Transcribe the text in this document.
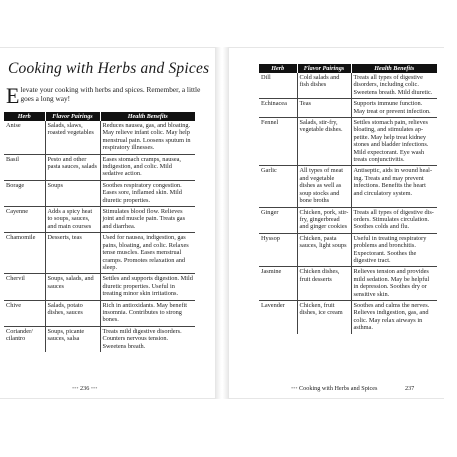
Cooking with Herbs and Spices
Elevate your cooking with herbs and spices. Remember, a little goes a long way!
Herb	Flavor Pairings	Health Benefits
Anise	Salads, slaws, roasted vegetables	Reduces nausea, gas, and bloating. May relieve infant colic. May help menstrual pain. Loosens sputum in respiratory illnesses.
Basil	Pesto and other pasta sauces, salads	Eases stomach cramps, nausea, indigestion, and colic. Mild sedative action.
Borage	Soups	Soothes respiratory congestion. Eases sore, inflamed skin. Mild diuretic properties.
Cayenne	Adds a spicy heat to soups, sauces, and main courses	Stimulates blood flow. Relieves joint and muscle pain. Treats gas and diarrhea.
Chamomile	Desserts, teas	Used for nausea, indigestion, gas pains, bloating, and colic. Relaxes tense muscles. Eases menstrual cramps. Promotes relaxation and sleep.
Chervil	Soups, salads, and sauces	Settles and supports digestion. Mild diuretic properties. Useful in treating minor skin irritations.
Chive	Salads, potato dishes, sauces	Rich in antioxidants. May benefit insomnia. Contributes to strong bones.
Coriander/ cilantro	Soups, picante sauces, salsa	Treats mild digestive disorders. Counters nervous tension. Sweetens breath.
••• 236 •••
Herb	Flavor Pairings	Health Benefits
Dill	Cold salads and fish dishes	Treats all types of digestive disorders, including colic. Sweetens breath. Mild diuretic.
Echinacea	Teas	Supports immune function. May treat or prevent infection.
Fennel	Salads, stir-fry, vegetable dishes.	Settles stomach pain, relieves bloating, and stimulates appetite. May help treat kidney stones and bladder infections. Mild expectorant. Eye wash treats conjunctivitis.
Garlic	All types of meat and vegetable dishes as well as soup stocks and bone broths	Antiseptic, aids in wound healing. Treats and may prevent infections. Benefits the heart and circulatory system.
Ginger	Chicken, pork, stir-fry, gingerbread and ginger cookies	Treats all types of digestive disorders. Stimulates circulation. Soothes colds and flu.
Hyssop	Chicken, pasta sauces, light soups	Useful in treating respiratory problems and bronchitis. Expectorant. Soothes the digestive tract.
Jasmine	Chicken dishes, fruit desserts	Relieves tension and provides mild sedation. May be helpful in depression. Soothes dry or sensitive skin.
Lavender	Chicken, fruit dishes, ice cream	Soothes and calms the nerves. Relieves indigestion, gas, and colic. May relax airways in asthma.
••• Cooking with Herbs and Spices	237
